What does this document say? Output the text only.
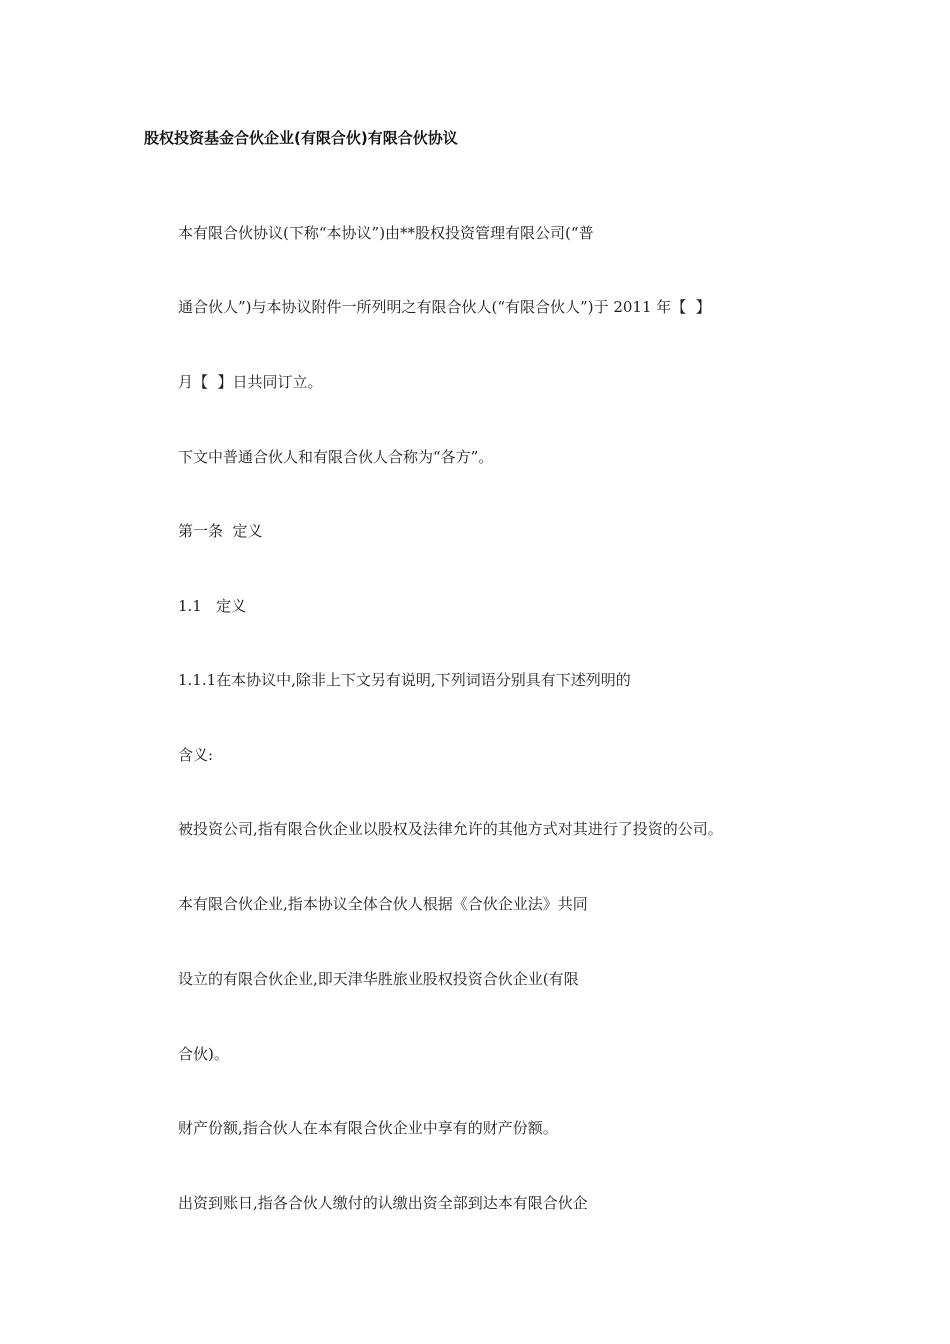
股权投资基金合伙企业(有限合伙)有限合伙协议

本有限合伙协议(下称“本协议”)由**股权投资管理有限公司(“普

通合伙人”)与本协议附件一所列明之有限合伙人(“有限合伙人”)于 2011 年【  】

月【  】日共同订立。

下文中普通合伙人和有限合伙人合称为“各方”。

第一条  定义

1.1   定义

1.1.1在本协议中,除非上下文另有说明,下列词语分别具有下述列明的

含义:

被投资公司,指有限合伙企业以股权及法律允许的其他方式对其进行了投资的公司。

本有限合伙企业,指本协议全体合伙人根据《合伙企业法》共同

设立的有限合伙企业,即天津华胜旅业股权投资合伙企业(有限

合伙)。

财产份额,指合伙人在本有限合伙企业中享有的财产份额。

出资到账日,指各合伙人缴付的认缴出资全部到达本有限合伙企
